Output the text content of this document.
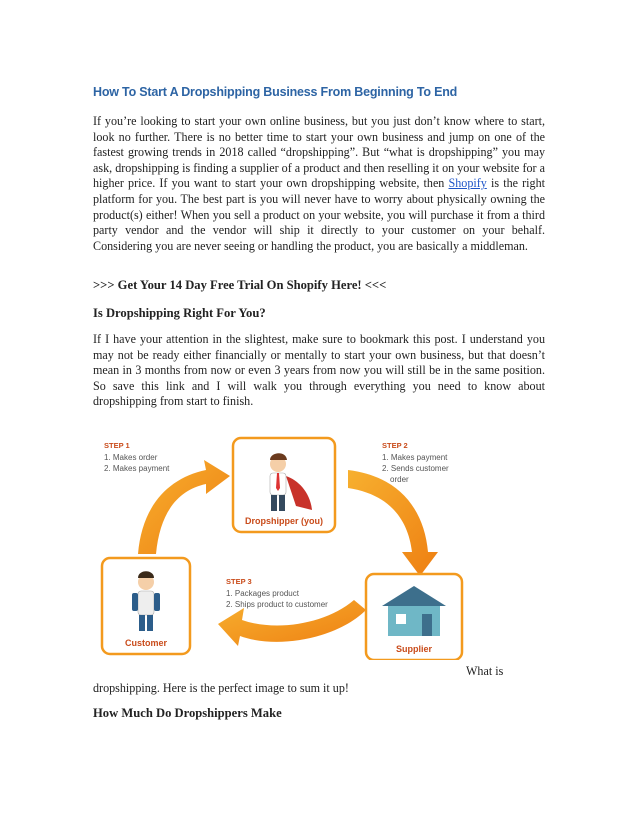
How To Start A Dropshipping Business From Beginning To End
If you’re looking to start your own online business, but you just don’t know where to start, look no further. There is no better time to start your own business and jump on one of the fastest growing trends in 2018 called “dropshipping”. But “what is dropshipping” you may ask, dropshipping is finding a supplier of a product and then reselling it on your website for a higher price. If you want to start your own dropshipping website, then Shopify is the right platform for you. The best part is you will never have to worry about physically owning the product(s) either! When you sell a product on your website, you will purchase it from a third party vendor and the vendor will ship it directly to your customer on your behalf. Considering you are never seeing or handling the product, you are basically a middleman.
>>> Get Your 14 Day Free Trial On Shopify Here! <<<
Is Dropshipping Right For You?
If I have your attention in the slightest, make sure to bookmark this post. I understand you may not be ready either financially or mentally to start your own business, but that doesn’t mean in 3 months from now or even 3 years from now you will still be in the same position. So save this link and I will walk you through everything you need to know about dropshipping from start to finish.
STEP 1
1. Makes order
2. Makes payment
STEP 2
1. Makes payment
2. Sends customer
order
STEP 3
1. Packages product
2. Ships product to customer
Dropshipper (you)
Customer
Supplier
What is
dropshipping. Here is the perfect image to sum it up!
How Much Do Dropshippers Make
